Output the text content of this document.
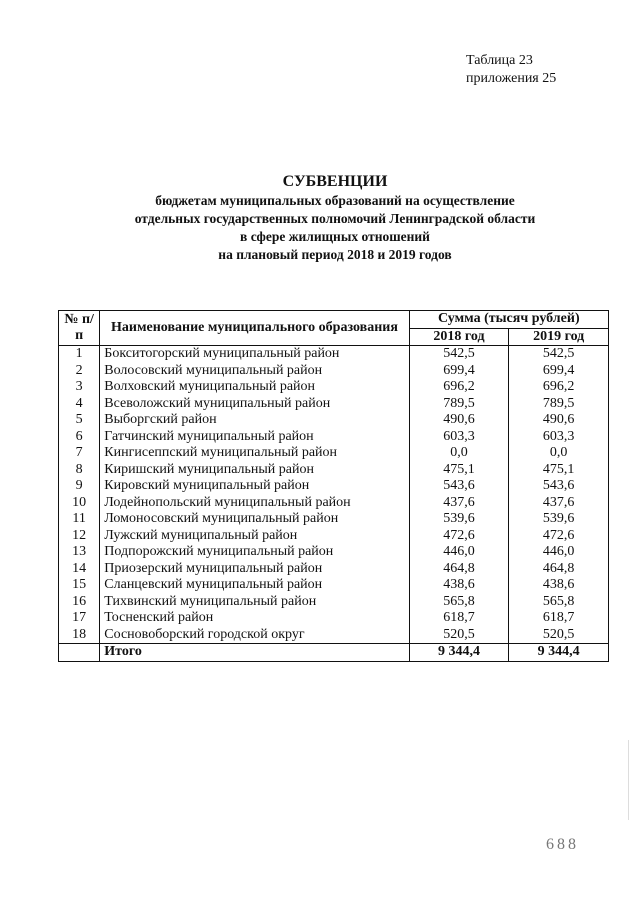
Таблица 23
приложения 25
СУБВЕНЦИИ
бюджетам муниципальных образований на осуществление
отдельных государственных полномочий Ленинградской области
в сфере жилищных отношений
на плановый период 2018 и 2019 годов
№ п/п	Наименование муниципального образования	Сумма (тысяч рублей)	
		2018 год	2019 год
1	Бокситогорский муниципальный район	542,5	542,5
2	Волосовский муниципальный район	699,4	699,4
3	Волховский муниципальный район	696,2	696,2
4	Всеволожский муниципальный район	789,5	789,5
5	Выборгский район	490,6	490,6
6	Гатчинский муниципальный район	603,3	603,3
7	Кингисеппский муниципальный район	0,0	0,0
8	Киришский муниципальный район	475,1	475,1
9	Кировский муниципальный район	543,6	543,6
10	Лодейнопольский муниципальный район	437,6	437,6
11	Ломоносовский муниципальный район	539,6	539,6
12	Лужский муниципальный район	472,6	472,6
13	Подпорожский муниципальный район	446,0	446,0
14	Приозерский муниципальный район	464,8	464,8
15	Сланцевский муниципальный район	438,6	438,6
16	Тихвинский муниципальный район	565,8	565,8
17	Тосненский район	618,7	618,7
18	Сосновоборский городской округ	520,5	520,5
	Итого	9 344,4	9 344,4
688
